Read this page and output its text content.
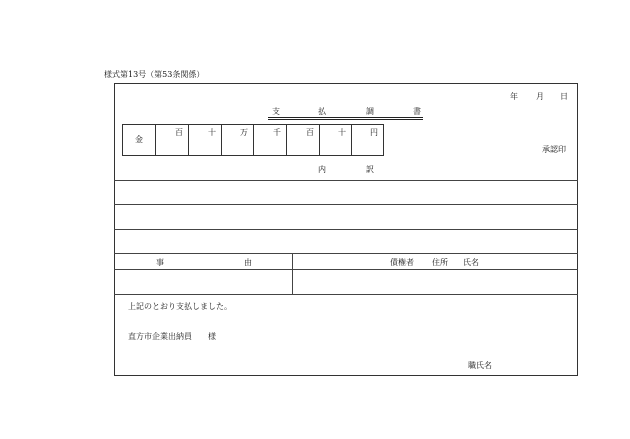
様式第13号（第53条関係）
年 月 日
支	払	調	書
金
百	十	万	千	百	十	円
承認印
内	訳
事	由	債権者 住所 氏名
上記のとおり支払しました。
直方市企業出納員 様
職氏名
